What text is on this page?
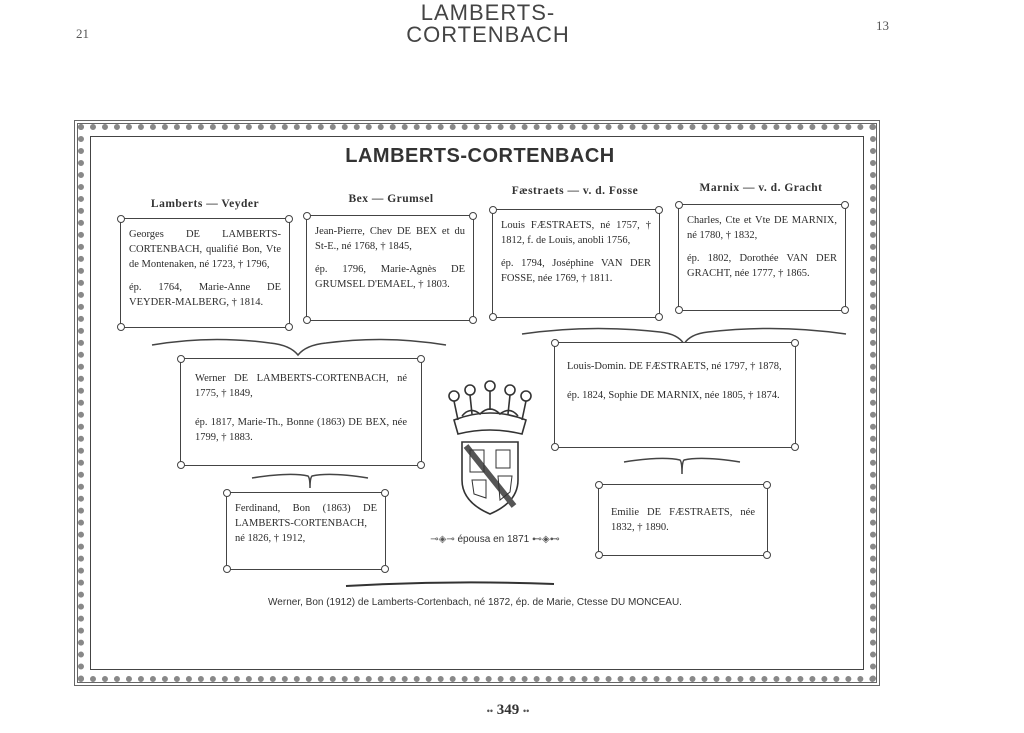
LAMBERTS-CORTENBACH
21
13
LAMBERTS-CORTENBACH
Lamberts — Veyder	Bex — Grumsel
Fæstraets — v. d. Fosse	Marnix — v. d. Gracht

Georges DE LAMBERTS-CORTENBACH, qualifié Bon, Vte de Montenaken, né 1723, † 1796,

ép. 1764, Marie-Anne DE VEYDER-MALBERG, † 1814.

Jean-Pierre, Chev DE BEX et du St-E., né 1768, † 1845,

ép. 1796, Marie-Agnès DE GRUMSEL D'EMAEL, † 1803.

Louis FÆSTRAETS, né 1757, † 1812, f. de Louis, anobli 1756,

ép. 1794, Joséphine VAN DER FOSSE, née 1769, † 1811.

Charles, Cte et Vte DE MARNIX, né 1780, † 1832,

ép. 1802, Dorothée VAN DER GRACHT, née 1777, † 1865.

Werner DE LAMBERTS-CORTENBACH, né 1775, † 1849,

ép. 1817, Marie-Th., Bonne (1863) DE BEX, née 1799, † 1883.

Louis-Domin. DE FÆSTRAETS, né 1797, † 1878,

ép. 1824, Sophie DE MARNIX, née 1805, † 1874.

Ferdinand, Bon (1863) DE LAMBERTS-CORTENBACH, né 1826, † 1912,

Emilie DE FÆSTRAETS, née 1832, † 1890.

⊸◈⊸ épousa en 1871 ⊷◈⊷
Werner, Bon (1912) de Lamberts-Cortenbach, né 1872, ép. de Marie, Ctesse DU MONCEAU.
•• 349 ••
